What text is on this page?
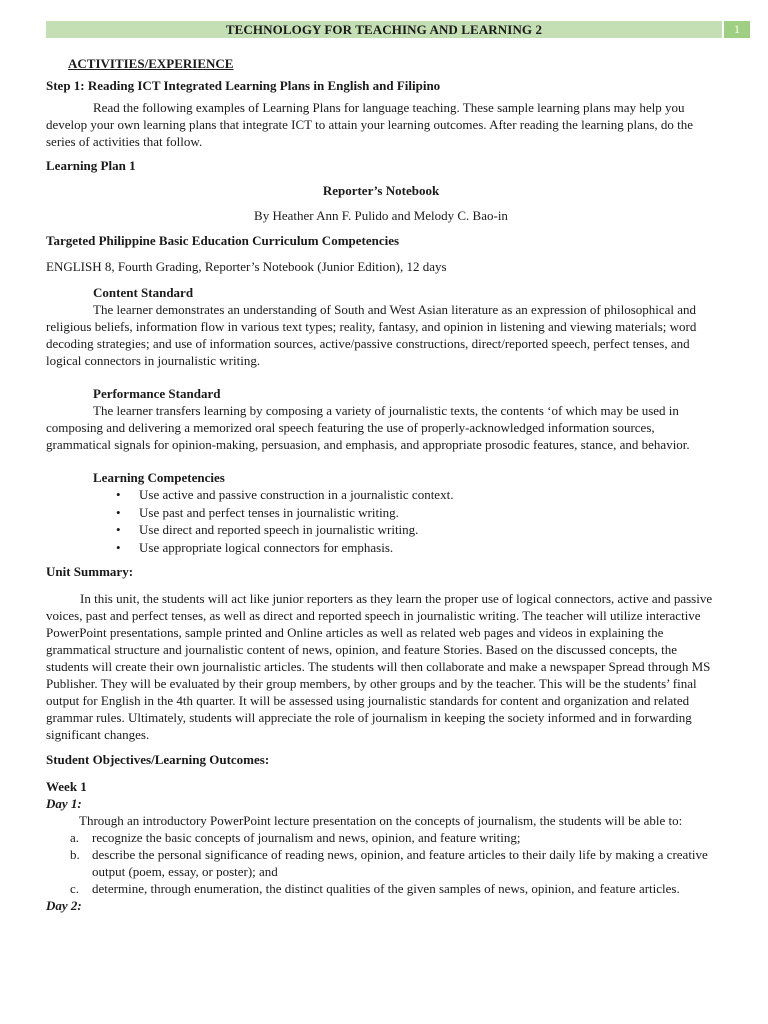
TECHNOLOGY FOR TEACHING AND LEARNING 2	1

ACTIVITIES/EXPERIENCE

Step 1: Reading ICT Integrated Learning Plans in English and Filipino

Read the following examples of Learning Plans for language teaching. These sample learning plans may help you develop your own learning plans that integrate ICT to attain your learning outcomes. After reading the learning plans, do the series of activities that follow.

Learning Plan 1

Reporter’s Notebook

By Heather Ann F. Pulido and Melody C. Bao-in

Targeted Philippine Basic Education Curriculum Competencies

ENGLISH 8, Fourth Grading, Reporter’s Notebook (Junior Edition), 12 days

Content Standard

The learner demonstrates an understanding of South and West Asian literature as an expression of philosophical and religious beliefs, information flow in various text types; reality, fantasy, and opinion in listening and viewing materials; word decoding strategies; and use of information sources, active/passive constructions, direct/reported speech, perfect tenses, and logical connectors in journalistic writing.

Performance Standard

The learner transfers learning by composing a variety of journalistic texts, the contents ‘of which may be used in composing and delivering a memorized oral speech featuring the use of properly-acknowledged information sources, grammatical signals for opinion-making, persuasion, and emphasis, and appropriate prosodic features, stance, and behavior.

Learning Competencies

• Use active and passive construction in a journalistic context.
• Use past and perfect tenses in journalistic writing.
• Use direct and reported speech in journalistic writing.
• Use appropriate logical connectors for emphasis.

Unit Summary:

In this unit, the students will act like junior reporters as they learn the proper use of logical connectors, active and passive voices, past and perfect tenses, as well as direct and reported speech in journalistic writing. The teacher will utilize interactive PowerPoint presentations, sample printed and Online articles as well as related web pages and videos in explaining the grammatical structure and journalistic content of news, opinion, and feature Stories. Based on the discussed concepts, the students will create their own journalistic articles. The students will then collaborate and make a newspaper Spread through MS Publisher. They will be evaluated by their group members, by other groups and by the teacher. This will be the students’ final output for English in the 4th quarter. It will be assessed using journalistic standards for content and organization and related grammar rules. Ultimately, students will appreciate the role of journalism in keeping the society informed and in forwarding significant changes.

Student Objectives/Learning Outcomes:

Week 1

Day 1:

Through an introductory PowerPoint lecture presentation on the concepts of journalism, the students will be able to:

a. recognize the basic concepts of journalism and news, opinion, and feature writing;
b. describe the personal significance of reading news, opinion, and feature articles to their daily life by making a creative output (poem, essay, or poster); and
c. determine, through enumeration, the distinct qualities of the given samples of news, opinion, and feature articles.

Day 2:
